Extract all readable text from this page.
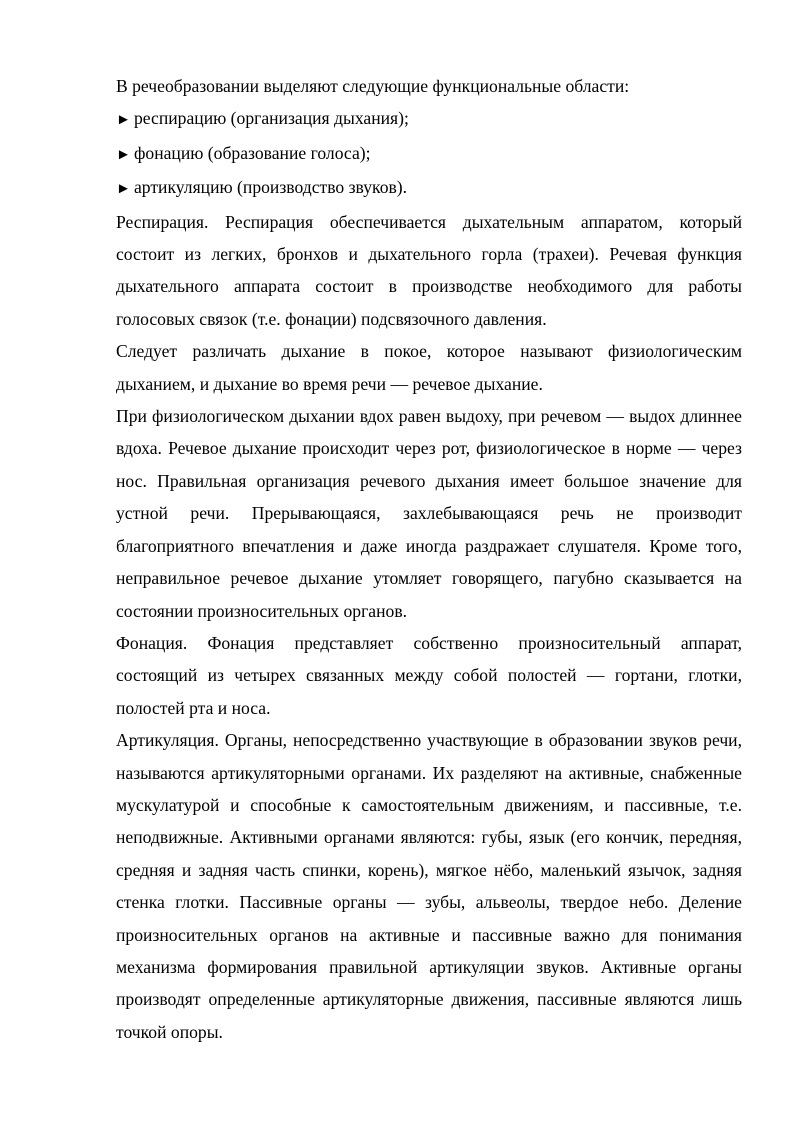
В речеобразовании выделяют следующие функциональные области:

► респирацию (организация дыхания);
► фонацию (образование голоса);
► артикуляцию (производство звуков).

Респирация. Респирация обеспечивается дыхательным аппаратом, который состоит из легких, бронхов и дыхательного горла (трахеи). Речевая функция дыхательного аппарата состоит в производстве необходимого для работы голосовых связок (т.е. фонации) подсвязочного давления.

Следует различать дыхание в покое, которое называют физиологическим дыханием, и дыхание во время речи — речевое дыхание.

При физиологическом дыхании вдох равен выдоху, при речевом — выдох длиннее вдоха. Речевое дыхание происходит через рот, физиологическое в норме — через нос. Правильная организация речевого дыхания имеет большое значение для устной речи. Прерывающаяся, захлебывающаяся речь не производит благоприятного впечатления и даже иногда раздражает слушателя. Кроме того, неправильное речевое дыхание утомляет говорящего, пагубно сказывается на состоянии произносительных органов.

Фонация. Фонация представляет собственно произносительный аппарат, состоящий из четырех связанных между собой полостей — гортани, глотки, полостей рта и носа.

Артикуляция. Органы, непосредственно участвующие в образовании звуков речи, называются артикуляторными органами. Их разделяют на активные, снабженные мускулатурой и способные к самостоятельным движениям, и пассивные, т.е. неподвижные. Активными органами являются: губы, язык (его кончик, передняя, средняя и задняя часть спинки, корень), мягкое нёбо, маленький язычок, задняя стенка глотки. Пассивные органы — зубы, альвеолы, твердое небо. Деление произносительных органов на активные и пассивные важно для понимания механизма формирования правильной артикуляции звуков. Активные органы производят определенные артикуляторные движения, пассивные являются лишь точкой опоры.
